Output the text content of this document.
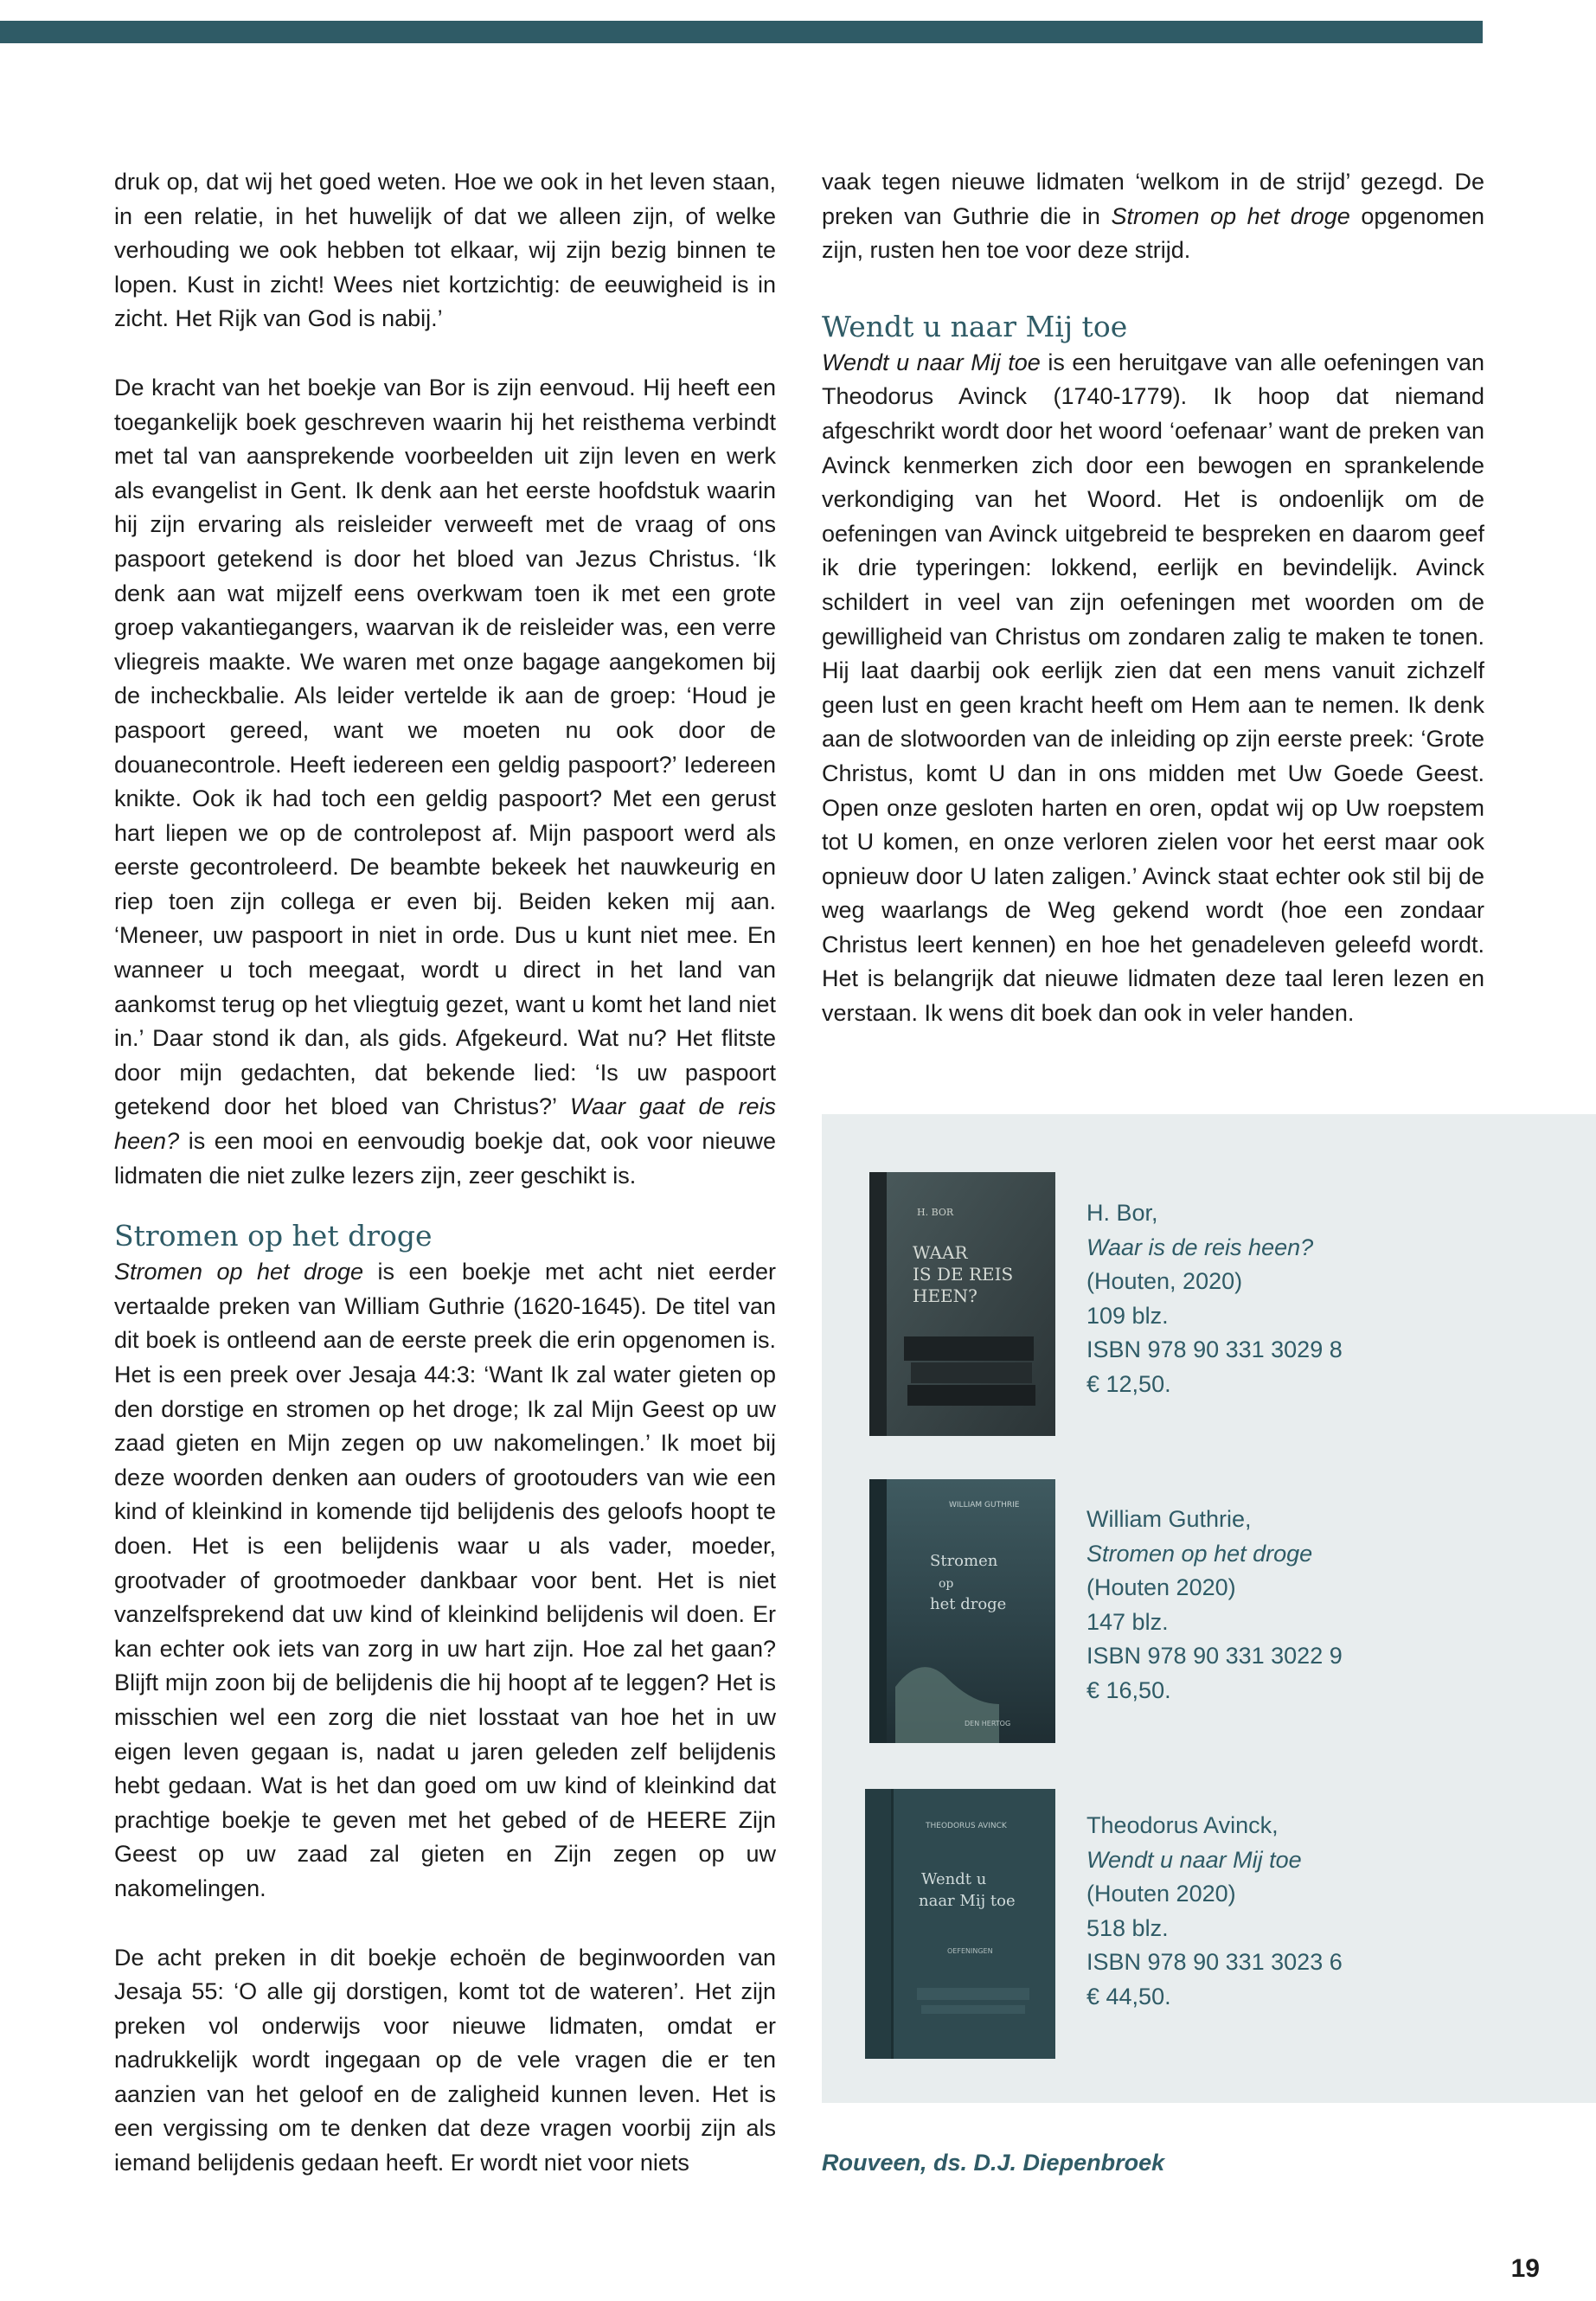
druk op, dat wij het goed weten. Hoe we ook in het leven staan, in een relatie, in het huwelijk of dat we alleen zijn, of welke verhouding we ook hebben tot elkaar, wij zijn bezig binnen te lopen. Kust in zicht! Wees niet kortzichtig: de eeuwigheid is in zicht. Het Rijk van God is nabij.’

De kracht van het boekje van Bor is zijn eenvoud. Hij heeft een toegankelijk boek geschreven waarin hij het reisthema verbindt met tal van aansprekende voorbeelden uit zijn leven en werk als evangelist in Gent. Ik denk aan het eerste hoofdstuk waarin hij zijn ervaring als reisleider verweeft met de vraag of ons paspoort getekend is door het bloed van Jezus Christus. ‘Ik denk aan wat mijzelf eens overkwam toen ik met een grote groep vakantiegangers, waarvan ik de reisleider was, een verre vliegreis maakte. We waren met onze bagage aangekomen bij de incheckbalie. Als leider vertelde ik aan de groep: ‘Houd je paspoort gereed, want we moeten nu ook door de douanecontrole. Heeft iedereen een geldig paspoort?’ Iedereen knikte. Ook ik had toch een geldig paspoort? Met een gerust hart liepen we op de controlepost af. Mijn paspoort werd als eerste gecontroleerd. De beambte bekeek het nauwkeurig en riep toen zijn collega er even bij. Beiden keken mij aan. ‘Meneer, uw paspoort in niet in orde. Dus u kunt niet mee. En wanneer u toch meegaat, wordt u direct in het land van aankomst terug op het vliegtuig gezet, want u komt het land niet in.’ Daar stond ik dan, als gids. Afgekeurd. Wat nu? Het flitste door mijn gedachten, dat bekende lied: ‘Is uw paspoort getekend door het bloed van Christus?’ Waar gaat de reis heen? is een mooi en eenvoudig boekje dat, ook voor nieuwe lidmaten die niet zulke lezers zijn, zeer geschikt is.

Stromen op het droge

Stromen op het droge is een boekje met acht niet eerder vertaalde preken van William Guthrie (1620-1645). De titel van dit boek is ontleend aan de eerste preek die erin opgenomen is. Het is een preek over Jesaja 44:3: ‘Want Ik zal water gieten op den dorstige en stromen op het droge; Ik zal Mijn Geest op uw zaad gieten en Mijn zegen op uw nakomelingen.’ Ik moet bij deze woorden denken aan ouders of grootouders van wie een kind of kleinkind in komende tijd belijdenis des geloofs hoopt te doen. Het is een belijdenis waar u als vader, moeder, grootvader of grootmoeder dankbaar voor bent. Het is niet vanzelfsprekend dat uw kind of kleinkind belijdenis wil doen. Er kan echter ook iets van zorg in uw hart zijn. Hoe zal het gaan? Blijft mijn zoon bij de belijdenis die hij hoopt af te leggen? Het is misschien wel een zorg die niet losstaat van hoe het in uw eigen leven gegaan is, nadat u jaren geleden zelf belijdenis hebt gedaan. Wat is het dan goed om uw kind of kleinkind dat prachtige boekje te geven met het gebed of de HEERE Zijn Geest op uw zaad zal gieten en Zijn zegen op uw nakomelingen.

De acht preken in dit boekje echoën de beginwoorden van Jesaja 55: ‘O alle gij dorstigen, komt tot de wateren’. Het zijn preken vol onderwijs voor nieuwe lidmaten, omdat er nadrukkelijk wordt ingegaan op de vele vragen die er ten aanzien van het geloof en de zaligheid kunnen leven. Het is een vergissing om te denken dat deze vragen voorbij zijn als iemand belijdenis gedaan heeft. Er wordt niet voor niets

vaak tegen nieuwe lidmaten ‘welkom in de strijd’ gezegd. De preken van Guthrie die in Stromen op het droge opgenomen zijn, rusten hen toe voor deze strijd.

Wendt u naar Mij toe

Wendt u naar Mij toe is een heruitgave van alle oefeningen van Theodorus Avinck (1740-1779). Ik hoop dat niemand afgeschrikt wordt door het woord ‘oefenaar’ want de preken van Avinck kenmerken zich door een bewogen en sprankelende verkondiging van het Woord. Het is ondoenlijk om de oefeningen van Avinck uitgebreid te bespreken en daarom geef ik drie typeringen: lokkend, eerlijk en bevindelijk. Avinck schildert in veel van zijn oefeningen met woorden om de gewilligheid van Christus om zondaren zalig te maken te tonen. Hij laat daarbij ook eerlijk zien dat een mens vanuit zichzelf geen lust en geen kracht heeft om Hem aan te nemen. Ik denk aan de slotwoorden van de inleiding op zijn eerste preek: ‘Grote Christus, komt U dan in ons midden met Uw Goede Geest. Open onze gesloten harten en oren, opdat wij op Uw roepstem tot U komen, en onze verloren zielen voor het eerst maar ook opnieuw door U laten zaligen.’ Avinck staat echter ook stil bij de weg waarlangs de Weg gekend wordt (hoe een zondaar Christus leert kennen) en hoe het genadeleven geleefd wordt. Het is belangrijk dat nieuwe lidmaten deze taal leren lezen en verstaan. Ik wens dit boek dan ook in veler handen.

H. BOR
WAAR
IS DE REIS
HEEN?
H. Bor,
Waar is de reis heen?
(Houten, 2020)
109 blz.
ISBN 978 90 331 3029 8
€ 12,50.
WILLIAM GUTHRIE
Stromen
op
het droge
DEN HERTOG
William Guthrie,
Stromen op het droge
(Houten 2020)
147 blz.
ISBN 978 90 331 3022 9
€ 16,50.
THEODORUS AVINCK
Wendt u
naar Mij toe
OEFENINGEN
Theodorus Avinck,
Wendt u naar Mij toe
(Houten 2020)
518 blz.
ISBN 978 90 331 3023 6
€ 44,50.
Rouveen, ds. D.J. Diepenbroek
19
